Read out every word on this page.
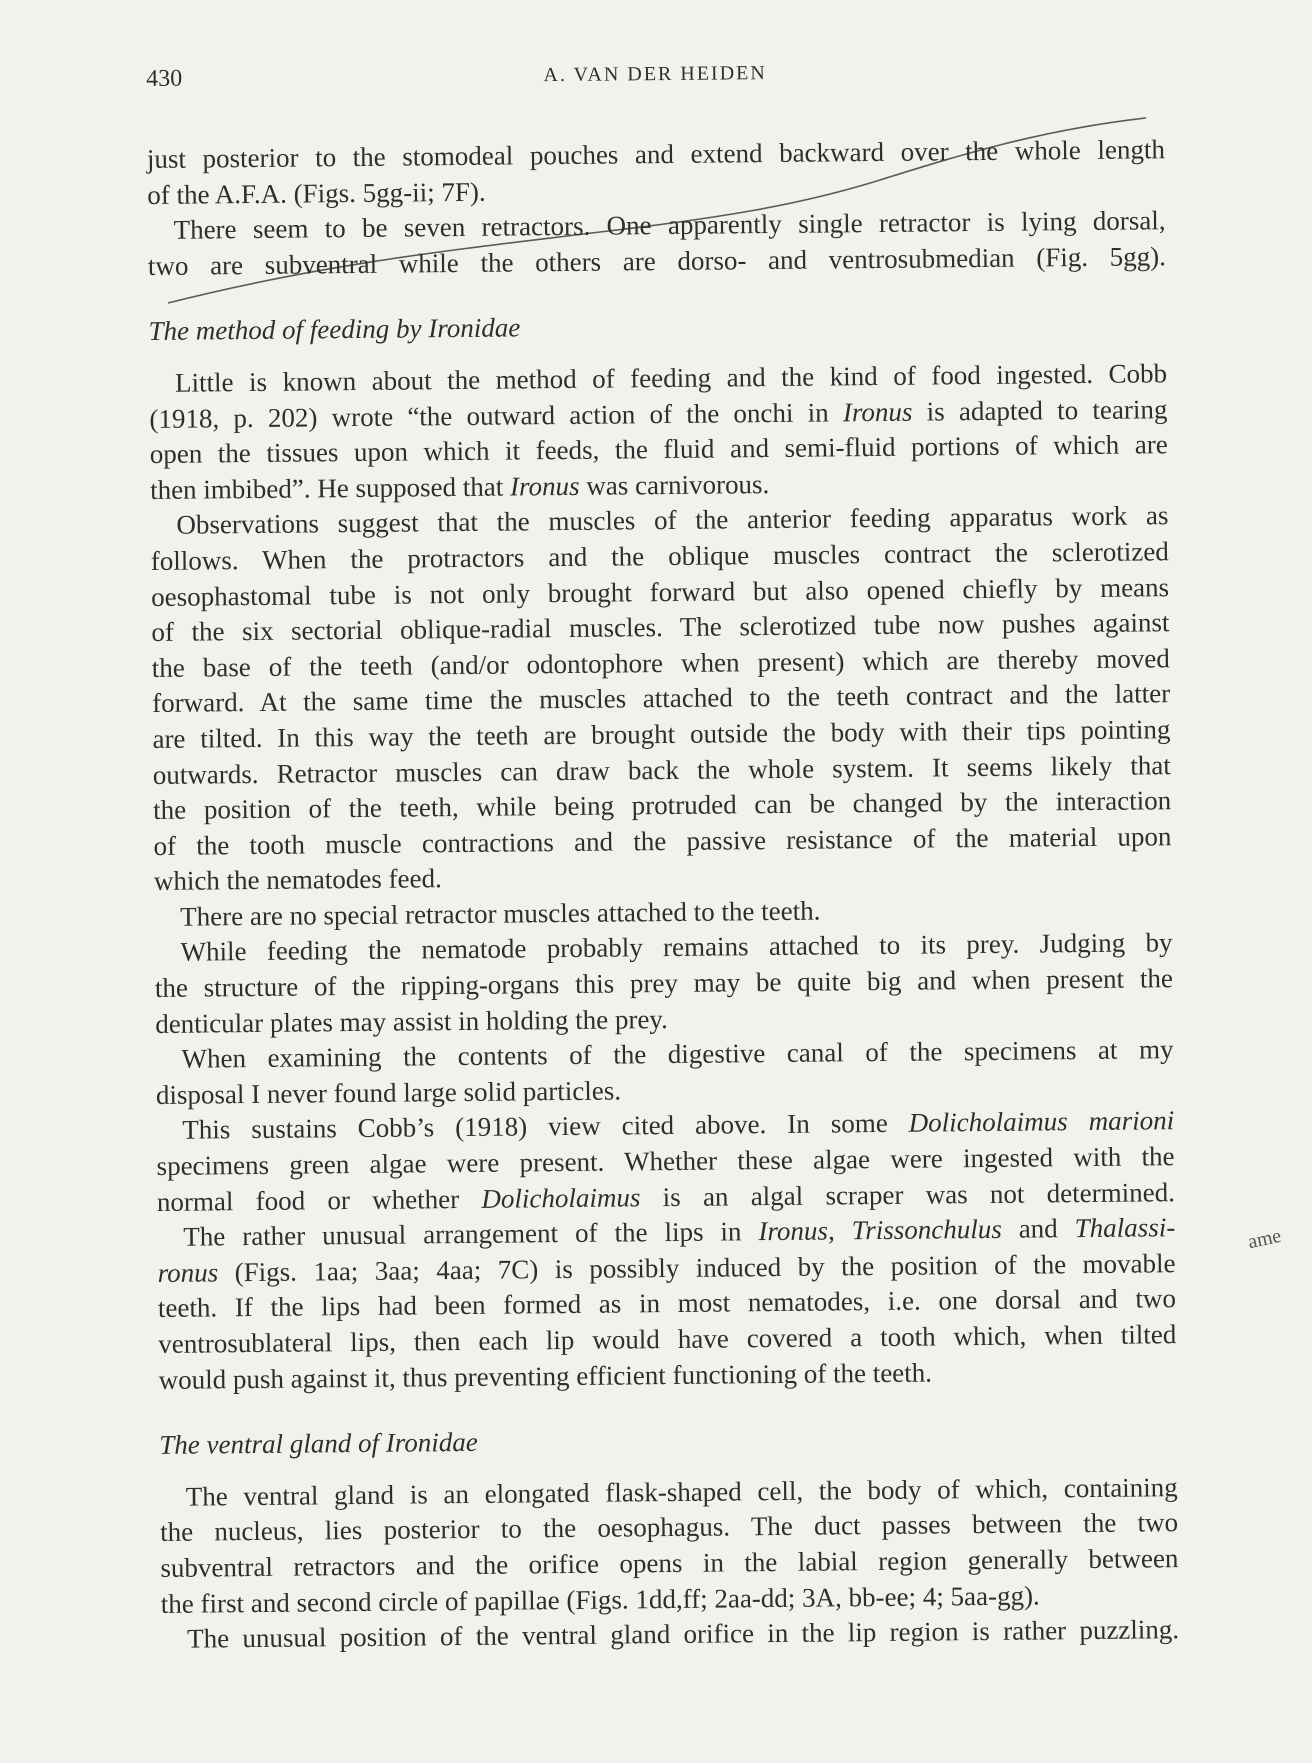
430	A. VAN DER HEIDEN
just posterior to the stomodeal pouches and extend backward over the whole length
of the A.F.A. (Figs. 5gg-ii; 7F).
There seem to be seven retractors. One apparently single retractor is lying dorsal,
two are subventral while the others are dorso- and ventrosubmedian (Fig. 5gg).
The method of feeding by Ironidae
Little is known about the method of feeding and the kind of food ingested. Cobb
(1918, p. 202) wrote “the outward action of the onchi in Ironus is adapted to tearing
open the tissues upon which it feeds, the fluid and semi-fluid portions of which are
then imbibed”. He supposed that Ironus was carnivorous.
Observations suggest that the muscles of the anterior feeding apparatus work as
follows. When the protractors and the oblique muscles contract the sclerotized
oesophastomal tube is not only brought forward but also opened chiefly by means
of the six sectorial oblique-radial muscles. The sclerotized tube now pushes against
the base of the teeth (and/or odontophore when present) which are thereby moved
forward. At the same time the muscles attached to the teeth contract and the latter
are tilted. In this way the teeth are brought outside the body with their tips pointing
outwards. Retractor muscles can draw back the whole system. It seems likely that
the position of the teeth, while being protruded can be changed by the interaction
of the tooth muscle contractions and the passive resistance of the material upon
which the nematodes feed.
There are no special retractor muscles attached to the teeth.
While feeding the nematode probably remains attached to its prey. Judging by
the structure of the ripping-organs this prey may be quite big and when present the
denticular plates may assist in holding the prey.
When examining the contents of the digestive canal of the specimens at my
disposal I never found large solid particles.
This sustains Cobb’s (1918) view cited above. In some Dolicholaimus marioni
specimens green algae were present. Whether these algae were ingested with the
normal food or whether Dolicholaimus is an algal scraper was not determined.
The rather unusual arrangement of the lips in Ironus, Trissonchulus and Thalassi-
ronus (Figs. 1aa; 3aa; 4aa; 7C) is possibly induced by the position of the movable
teeth. If the lips had been formed as in most nematodes, i.e. one dorsal and two
ventrosublateral lips, then each lip would have covered a tooth which, when tilted
would push against it, thus preventing efficient functioning of the teeth.
The ventral gland of Ironidae
The ventral gland is an elongated flask-shaped cell, the body of which, containing
the nucleus, lies posterior to the oesophagus. The duct passes between the two
subventral retractors and the orifice opens in the labial region generally between
the first and second circle of papillae (Figs. 1dd,ff; 2aa-dd; 3A, bb-ee; 4; 5aa-gg).
The unusual position of the ventral gland orifice in the lip region is rather puzzling.
ame
